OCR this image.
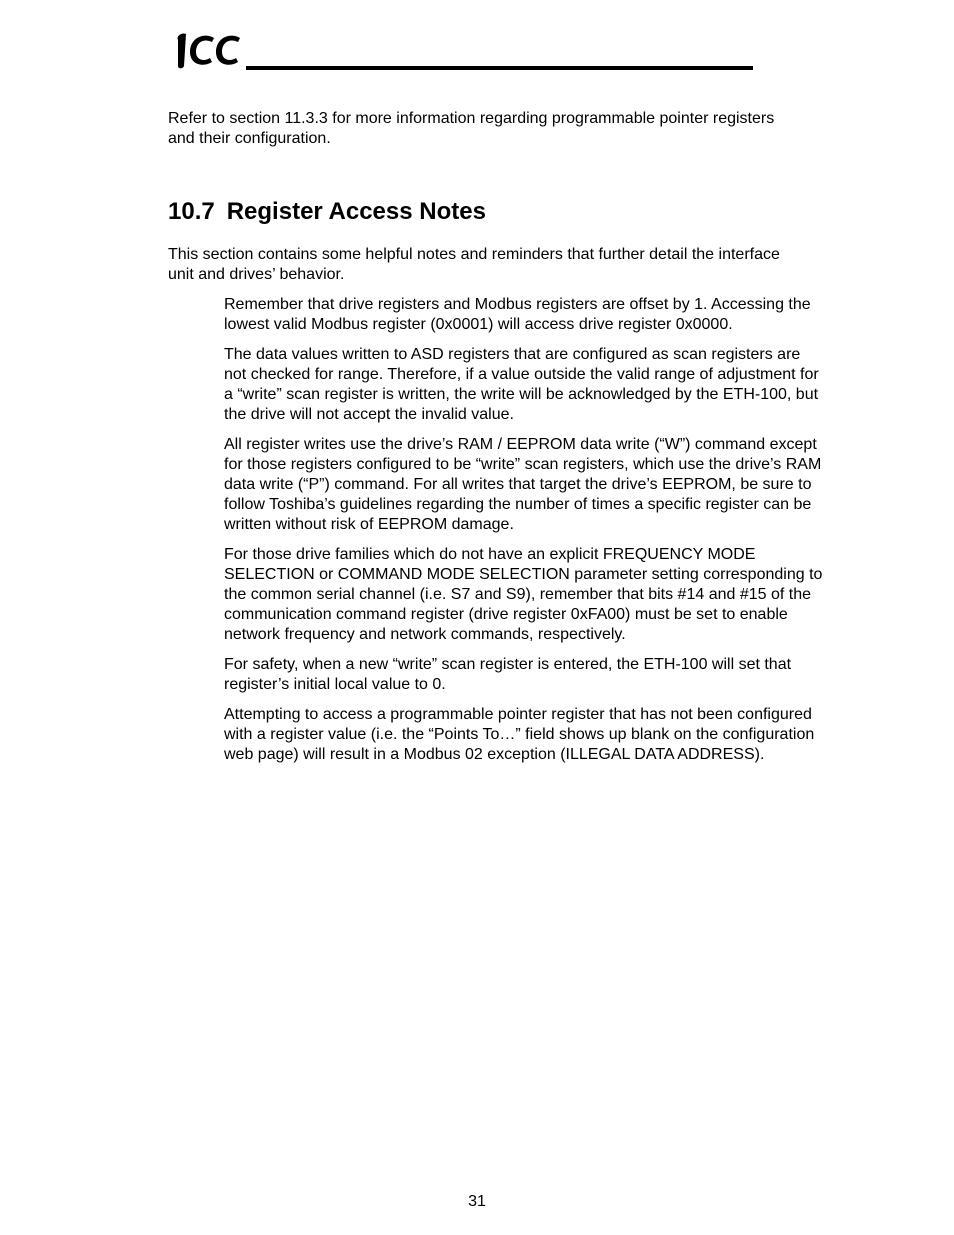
Refer to section 11.3.3 for more information regarding programmable pointer registers and their configuration.

10.7 Register Access Notes

This section contains some helpful notes and reminders that further detail the interface unit and drives’ behavior.

Remember that drive registers and Modbus registers are offset by 1. Accessing the lowest valid Modbus register (0x0001) will access drive register 0x0000.
The data values written to ASD registers that are configured as scan registers are not checked for range. Therefore, if a value outside the valid range of adjustment for a “write” scan register is written, the write will be acknowledged by the ETH-100, but the drive will not accept the invalid value.
All register writes use the drive’s RAM / EEPROM data write (“W”) command except for those registers configured to be “write” scan registers, which use the drive’s RAM data write (“P”) command. For all writes that target the drive’s EEPROM, be sure to follow Toshiba’s guidelines regarding the number of times a specific register can be written without risk of EEPROM damage.
For those drive families which do not have an explicit FREQUENCY MODE SELECTION or COMMAND MODE SELECTION parameter setting corresponding to the common serial channel (i.e. S7 and S9), remember that bits #14 and #15 of the communication command register (drive register 0xFA00) must be set to enable network frequency and network commands, respectively.
For safety, when a new “write” scan register is entered, the ETH-100 will set that register’s initial local value to 0.
Attempting to access a programmable pointer register that has not been configured with a register value (i.e. the “Points To…” field shows up blank on the configuration web page) will result in a Modbus 02 exception (ILLEGAL DATA ADDRESS).
31
